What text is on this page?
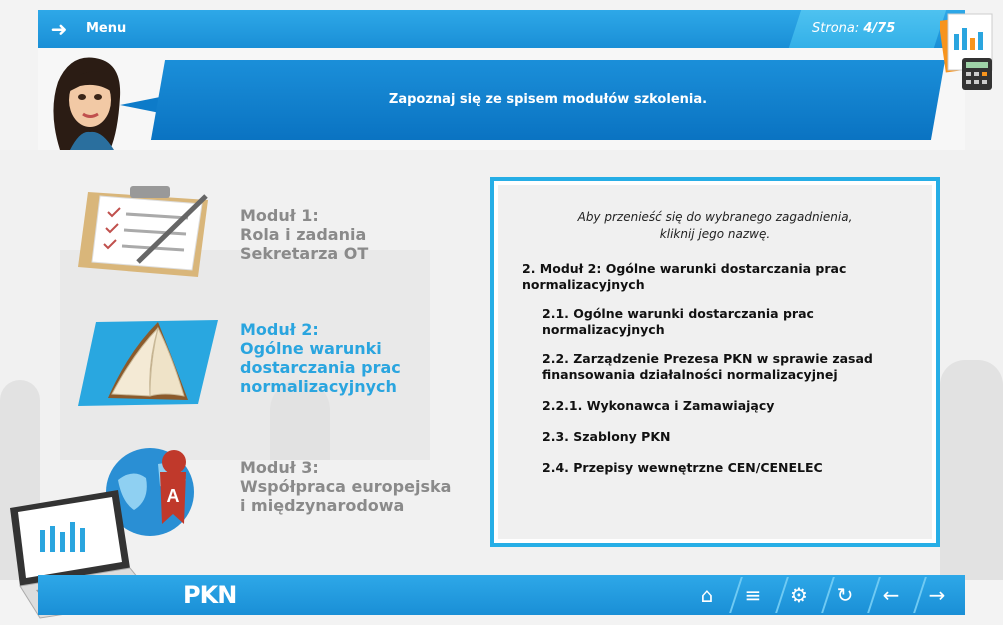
➜ Menu	Strona: 4/75
Zapoznaj się ze spisem modułów szkolenia.
Moduł 1:
Rola i zadania
Sekretarza OT
Moduł 2:
Ogólne warunki
dostarczania prac
normalizacyjnych
A
Moduł 3:
Współpraca europejska
i międzynarodowa
Aby przenieść się do wybranego zagadnienia,
kliknij jego nazwę.
2. Moduł 2: Ogólne warunki dostarczania prac
normalizacyjnych
2.1. Ogólne warunki dostarczania prac
normalizacyjnych
2.2. Zarządzenie Prezesa PKN w sprawie zasad
finansowania działalności normalizacyjnej
2.2.1. Wykonawca i Zamawiający
2.3. Szablony PKN
2.4. Przepisy wewnętrzne CEN/CENELEC
PKN	⌂	≡	⚙	↻	←	→
